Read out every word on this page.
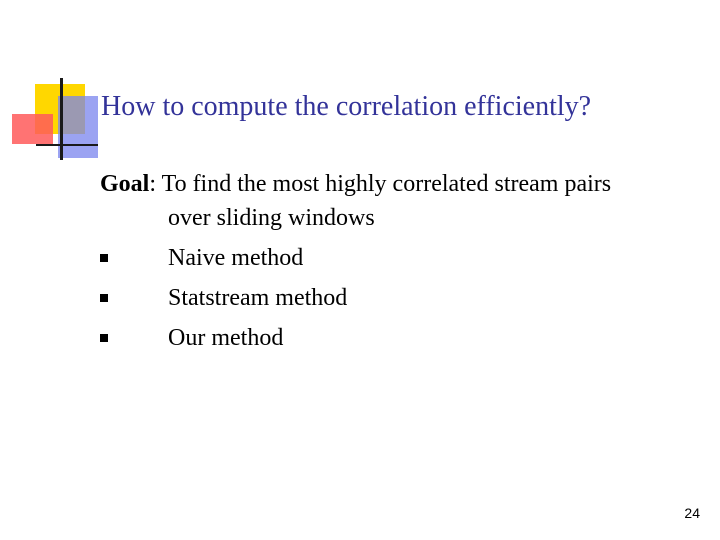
How to compute the correlation efficiently?
Goal: To find the most highly correlated stream pairs
over sliding windows
Naive method
Statstream method
Our method
24
